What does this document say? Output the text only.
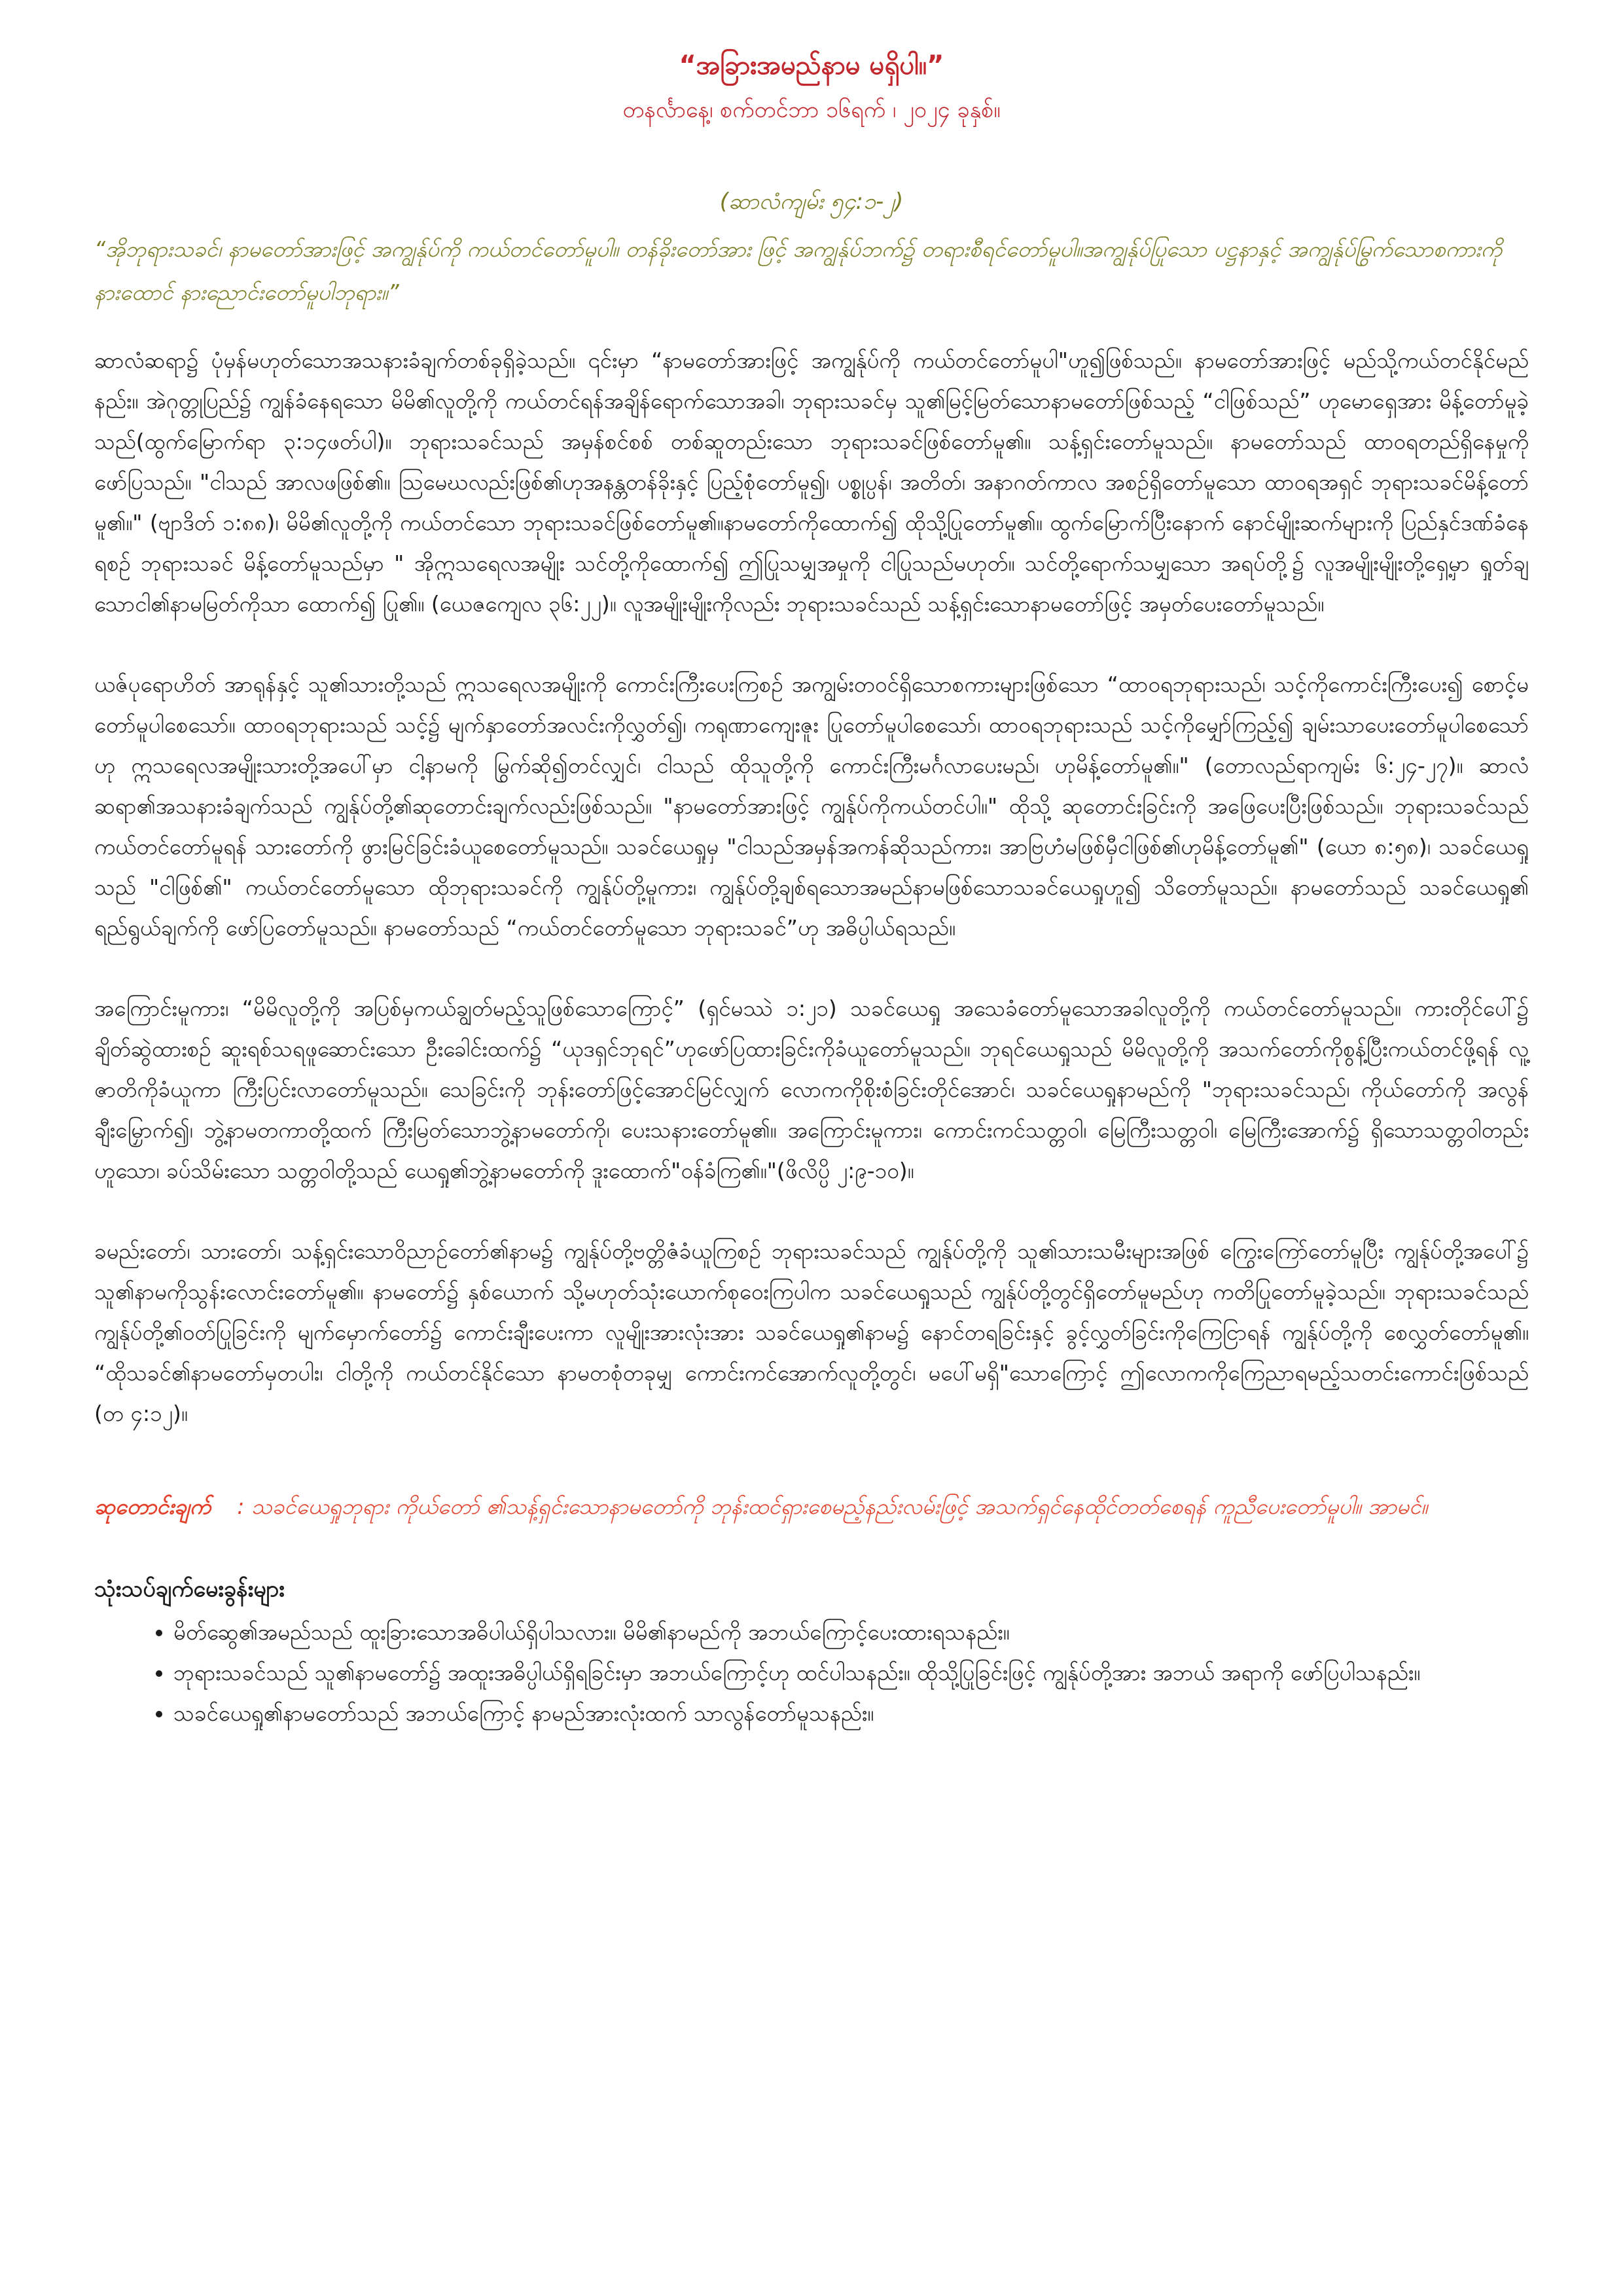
“အခြားအမည်နာမ မရှိပါ။”
တနင်္လာနေ့၊ စက်တင်ဘာ ၁၆ရက် ၊ ၂၀၂၄ ခုနှစ်။
(ဆာလံကျမ်း ၅၄:၁-၂)
“အိုဘုရားသခင်၊ နာမတော်အားဖြင့် အကျွန်ုပ်ကို ကယ်တင်တော်မူပါ။ တန်ခိုးတော်အား ဖြင့် အကျွန်ုပ်ဘက်၌ တရားစီရင်တော်မူပါ။အကျွန်ုပ်ပြုသော ပဋ္ဌနာနှင့် အကျွန်ုပ်မြွက်သောစကားကို နားထောင် နားညောင်းတော်မူပါဘုရား။”

ဆာလံဆရာ၌ ပုံမှန်မဟုတ်သောအသနားခံချက်တစ်ခုရှိခဲ့သည်။ ၎င်းမှာ “နာမတော်အားဖြင့် အကျွန်ုပ်ကို ကယ်တင်တော်မူပါ"ဟူ၍ဖြစ်သည်။ နာမတော်အားဖြင့် မည်သို့ကယ်တင်နိုင်မည်နည်း။ အဲဂုတ္တုပြည်၌ ကျွန်ခံနေရသော မိမိ၏လူတို့ကို ကယ်တင်ရန်အချိန်ရောက်သောအခါ၊ ဘုရားသခင်မှ သူ၏မြင့်မြတ်သောနာမတော်ဖြစ်သည့် “ငါဖြစ်သည်” ဟုမောရှေအား မိန့်တော်မူခဲ့သည်(ထွက်မြောက်ရာ ၃:၁၄ဖတ်ပါ)။ ဘုရားသခင်သည် အမှန်စင်စစ် တစ်ဆူတည်းသော ဘုရားသခင်ဖြစ်တော်မူ၏။ သန့်ရှင်းတော်မူသည်။ နာမတော်သည် ထာဝရတည်ရှိနေမှုကို ဖော်ပြသည်။ "ငါသည် အာလဖဖြစ်၏။ ဩမေဃလည်းဖြစ်၏ဟုအနန္တတန်ခိုးနှင့် ပြည့်စုံတော်မူ၍၊ ပစ္စုပ္ပန်၊ အတိတ်၊ အနာဂတ်ကာလ အစဉ်ရှိတော်မူသော ထာဝရအရှင် ဘုရားသခင်မိန့်တော်မူ၏။" (ဗျာဒိတ် ၁:၈၈)၊ မိမိ၏လူတို့ကို ကယ်တင်သော ဘုရားသခင်ဖြစ်တော်မူ၏။နာမတော်ကိုထောက်၍ ထိုသို့ပြုတော်မူ၏။ ထွက်မြောက်ပြီးနောက် နောင်မျိုးဆက်များကို ပြည်နှင်ဒဏ်ခံနေရစဉ် ဘုရားသခင် မိန့်တော်မူသည်မှာ " အိုဣသရေလအမျိုး သင်တို့ကိုထောက်၍ ဤပြုသမျှအမှုကို ငါပြုသည်မဟုတ်။ သင်တို့ရောက်သမျှသော အရပ်တို့၌ လူအမျိုးမျိုးတို့ရှေ့မှာ ရှုတ်ချသောငါ၏နာမမြတ်ကိုသာ ထောက်၍ ပြု၏။ (ယေဇကျေလ ၃၆:၂၂)။ လူအမျိုးမျိုးကိုလည်း ဘုရားသခင်သည် သန့်ရှင်းသောနာမတော်ဖြင့် အမှတ်ပေးတော်မူသည်။

ယဇ်ပုရောဟိတ် အာရုန်နှင့် သူ၏သားတို့သည် ဣသရေလအမျိုးကို ကောင်းကြီးပေးကြစဉ် အကျွမ်းတဝင်ရှိသောစကားများဖြစ်သော “ထာဝရဘုရားသည်၊ သင့်ကိုကောင်းကြီးပေး၍ စောင့်မတော်မူပါစေသော်။ ထာဝရဘုရားသည် သင့်၌ မျက်နှာတော်အလင်းကိုလွှတ်၍၊ ကရုဏာကျေးဇူး ပြုတော်မူပါစေသော်၊ ထာဝရဘုရားသည် သင့်ကိုမျှော်ကြည့်၍ ချမ်းသာပေးတော်မူပါစေသော်ဟု ဣသရေလအမျိုးသားတို့အပေါ်မှာ ငါ့နာမကို မြွက်ဆို၍တင်လျှင်၊ ငါသည် ထိုသူတို့ကို ကောင်းကြီးမင်္ဂလာပေးမည်၊ ဟုမိန့်တော်မူ၏။" (တောလည်ရာကျမ်း ၆:၂၄-၂၇)။ ဆာလံဆရာ၏အသနားခံချက်သည် ကျွန်ုပ်တို့၏ဆုတောင်းချက်လည်းဖြစ်သည်။ "နာမတော်အားဖြင့် ကျွန်ုပ်ကိုကယ်တင်ပါ။" ထိုသို့ ဆုတောင်းခြင်းကို အဖြေပေးပြီးဖြစ်သည်။ ဘုရားသခင်သည် ကယ်တင်တော်မူရန် သားတော်ကို ဖွားမြင်ခြင်းခံယူစေတော်မူသည်။ သခင်ယေရှုမှ "ငါသည်အမှန်အကန်ဆိုသည်ကား၊ အာဗြဟံမဖြစ်မှီငါဖြစ်၏ဟုမိန့်တော်မူ၏" (ယော ၈:၅၈)၊ သခင်ယေရှုသည် "ငါဖြစ်၏" ကယ်တင်တော်မူသော ထိုဘုရားသခင်ကို ကျွန်ုပ်တို့မူကား၊ ကျွန်ုပ်တို့ချစ်ရသောအမည်နာမဖြစ်သောသခင်ယေရှုဟူ၍ သိတော်မူသည်။ နာမတော်သည် သခင်ယေရှု၏ ရည်ရွယ်ချက်ကို ဖော်ပြတော်မူသည်။ နာမတော်သည် “ကယ်တင်တော်မူသော ဘုရားသခင်”ဟု အဓိပ္ပါယ်ရသည်။

အကြောင်းမူကား၊ “မိမိလူတို့ကို အပြစ်မှကယ်ချွတ်မည့်သူဖြစ်သောကြောင့်” (ရှင်မဿဲ ၁:၂၁) သခင်ယေရှု အသေခံတော်မူသောအခါလူတို့ကို ကယ်တင်တော်မူသည်။ ကားတိုင်ပေါ်၌ ချိတ်ဆွဲထားစဉ် ဆူးရစ်သရဖူဆောင်းသော ဦးခေါင်းထက်၌ “ယုဒရှင်ဘုရင်”ဟုဖော်ပြထားခြင်းကိုခံယူတော်မူသည်။ ဘုရင်ယေရှုသည် မိမိလူတို့ကို အသက်တော်ကိုစွန့်ပြီးကယ်တင်ဖို့ရန် လူ့ဇာတိကိုခံယူကာ ကြီးပြင်းလာတော်မူသည်။ သေခြင်းကို ဘုန်းတော်ဖြင့်အောင်မြင်လျှက် လောကကိုစိုးစံခြင်းတိုင်အောင်၊ သခင်ယေရှုနာမည်ကို "ဘုရားသခင်သည်၊ ကိုယ်တော်ကို အလွန်ချီးမြှောက်၍၊ ဘွဲ့နာမတကာတို့ထက် ကြီးမြတ်သောဘွဲ့နာမတော်ကို၊ ပေးသနားတော်မူ၏။ အကြောင်းမူကား၊ ကောင်းကင်သတ္တဝါ၊ မြေကြီးသတ္တဝါ၊ မြေကြီးအောက်၌ ရှိသောသတ္တဝါတည်းဟူသော၊ ခပ်သိမ်းသော သတ္တဝါတို့သည် ယေရှု၏ဘွဲ့နာမတော်ကို ဒူးထောက်"ဝန်ခံကြ၏။"(ဖိလိပ္ပိ ၂:၉-၁၀)။

ခမည်းတော်၊ သားတော်၊ သန့်ရှင်းသောဝိညာဉ်တော်၏နာမ၌ ကျွန်ုပ်တို့ဗတ္တိဇံခံယူကြစဉ် ဘုရားသခင်သည် ကျွန်ုပ်တို့ကို သူ၏သားသမီးများအဖြစ် ကြွေးကြော်တော်မူပြီး ကျွန်ုပ်တို့အပေါ်၌ သူ၏နာမကိုသွန်းလောင်းတော်မူ၏။ နာမတော်၌ နှစ်ယောက် သို့မဟုတ်သုံးယောက်စုဝေးကြပါက သခင်ယေရှုသည် ကျွန်ုပ်တို့တွင်ရှိတော်မူမည်ဟု ကတိပြုတော်မူခဲ့သည်။ ဘုရားသခင်သည်ကျွန်ုပ်တို့၏ဝတ်ပြုခြင်းကို မျက်မှောက်တော်၌ ကောင်းချီးပေးကာ လူမျိုးအားလုံးအား သခင်ယေရှု၏နာမ၌ နောင်တရခြင်းနှင့် ခွင့်လွှတ်ခြင်းကိုကြေငြာရန် ကျွန်ုပ်တို့ကို စေလွှတ်တော်မူ၏။ “ထိုသခင်၏နာမတော်မှတပါး၊ ငါတို့ကို ကယ်တင်နိုင်သော နာမတစုံတခုမျှ ကောင်းကင်အောက်လူတို့တွင်၊ မပေါ်မရှိ"သောကြောင့် ဤလောကကိုကြေညာရမည့်သတင်းကောင်းဖြစ်သည် (တ ၄:၁၂)။

ဆုတောင်းချက် : သခင်ယေရှုဘုရား ကိုယ်တော် ၏သန့်ရှင်းသောနာမတော်ကို ဘုန်းထင်ရှားစေမည့်နည်းလမ်းဖြင့် အသက်ရှင်နေထိုင်တတ်စေရန် ကူညီပေးတော်မူပါ။ အာမင်။
သုံးသပ်ချက်မေးခွန်းများ
• မိတ်ဆွေ၏အမည်သည် ထူးခြားသောအဓိပါယ်ရှိပါသလား။ မိမိ၏နာမည်ကို အဘယ်ကြောင့်ပေးထားရသနည်း။
• ဘုရားသခင်သည် သူ၏နာမတော်၌ အထူးအဓိပ္ပါယ်ရှိရခြင်းမှာ အဘယ်ကြောင့်ဟု ထင်ပါသနည်း။ ထိုသို့ပြုခြင်းဖြင့် ကျွန်ုပ်တို့အား အဘယ် အရာကို ဖော်ပြပါသနည်း။
• သခင်ယေရှု၏နာမတော်သည် အဘယ်ကြောင့် နာမည်အားလုံးထက် သာလွန်တော်မူသနည်း။
